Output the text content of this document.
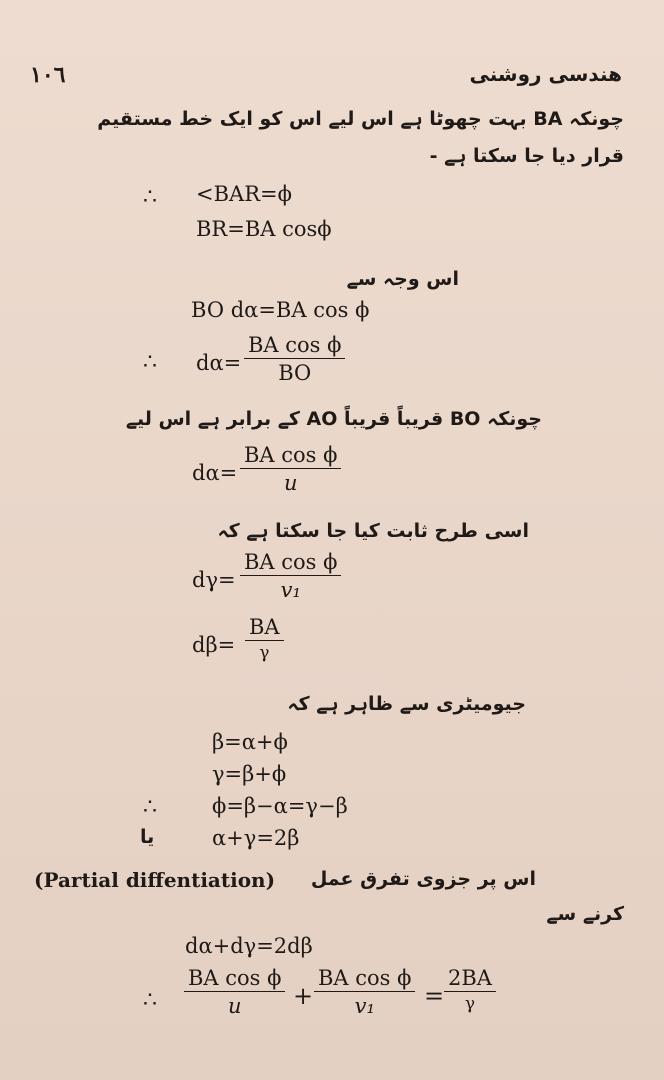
١٠٦	هندسی روشنی
چونکہ BA بہت چھوٹا ہے اس لیے اس کو ایک خط مستقیم
قرار دیا جا سکتا ہے -
∴ <BAR=ϕ
BR=BA cosϕ
اس وجہ سے
BO dα=BA cos ϕ
∴ $d\alpha= \frac{\text{BA cos ϕ}}{BO}$
چونکہ BO قریباً قریباً AO کے برابر ہے اس لیے
$d\alpha= \frac{\text{BA cos ϕ}}{u}$
اسی طرح ثابت کیا جا سکتا ہے کہ
$d\gamma= \frac{\text{BA cos ϕ}}{\text{v₁}}$
dβ=
BA
γ
جیومیٹری سے ظاہر ہے کہ
β=α+ϕ
γ=β+ϕ
∴	ϕ=β−α=γ−β
یا	α+γ=2β
(Partial diffentiation) اس پر جزوی تفرق عمل
کرنے سے
dα+dγ=2dβ
∴ $\frac{\text{BA cos ϕ}}{u} + \frac{\text{BA cos ϕ}}{\text{v₁}}$ =
2BA
γ
